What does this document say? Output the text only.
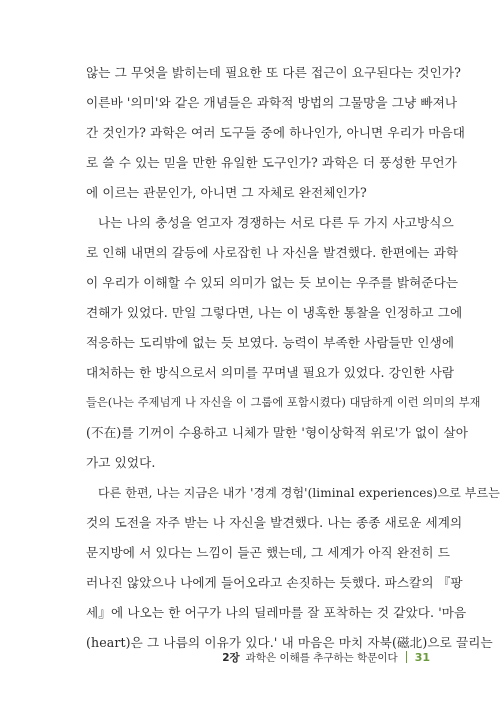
않는 그 무엇을 밝히는데 필요한 또 다른 접근이 요구된다는 것인가?
이른바 '의미'와 같은 개념들은 과학적 방법의 그물망을 그냥 빠져나
간 것인가? 과학은 여러 도구들 중에 하나인가, 아니면 우리가 마음대
로 쓸 수 있는 믿을 만한 유일한 도구인가? 과학은 더 풍성한 무언가
에 이르는 관문인가, 아니면 그 자체로 완전체인가?
나는 나의 충성을 얻고자 경쟁하는 서로 다른 두 가지 사고방식으
로 인해 내면의 갈등에 사로잡힌 나 자신을 발견했다. 한편에는 과학
이 우리가 이해할 수 있되 의미가 없는 듯 보이는 우주를 밝혀준다는
견해가 있었다. 만일 그렇다면, 나는 이 냉혹한 통찰을 인정하고 그에
적응하는 도리밖에 없는 듯 보였다. 능력이 부족한 사람들만 인생에
대처하는 한 방식으로서 의미를 꾸며낼 필요가 있었다. 강인한 사람
들은(나는 주제넘게 나 자신을 이 그룹에 포함시켰다) 대담하게 이런 의미의 부재
(不在)를 기꺼이 수용하고 니체가 말한 '형이상학적 위로'가 없이 살아
가고 있었다.
다른 한편, 나는 지금은 내가 '경계 경험'(liminal experiences)으로 부르는
것의 도전을 자주 받는 나 자신을 발견했다. 나는 종종 새로운 세계의
문지방에 서 있다는 느낌이 들곤 했는데, 그 세계가 아직 완전히 드
러나진 않았으나 나에게 들어오라고 손짓하는 듯했다. 파스칼의 『팡
세』에 나오는 한 어구가 나의 딜레마를 잘 포착하는 것 같았다. '마음
(heart)은 그 나름의 이유가 있다.' 내 마음은 마치 자북(磁北)으로 끌리는
2장 과학은 이해를 추구하는 학문이다 31
